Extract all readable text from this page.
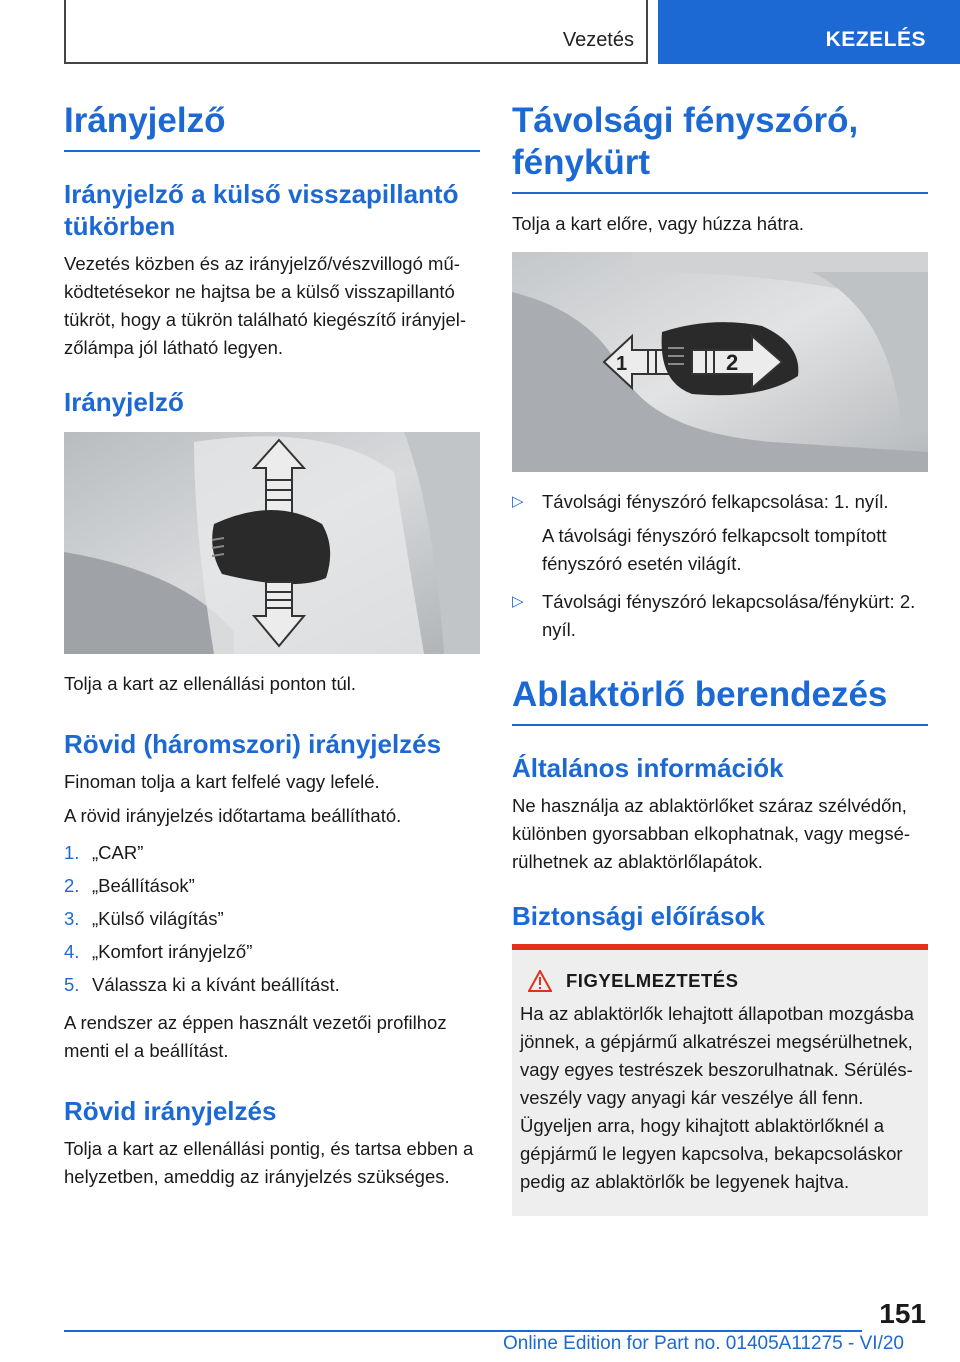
Vezetés	KEZELÉS
Irányjelző
Irányjelző a külső visszapillantó tükörben

Vezetés közben és az irányjelző/vészvillogó működtetésekor ne hajtsa be a külső visszapillantó tükröt, hogy a tükrön található kiegészítő irányjelzőlámpa jól látható legyen.

Irányjelző

Tolja a kart az ellenállási ponton túl.

Rövid (háromszori) irányjelzés

Finoman tolja a kart felfelé vagy lefelé.

A rövid irányjelzés időtartama beállítható.

1. „CAR”
2. „Beállítások”
3. „Külső világítás”
4. „Komfort irányjelző”
5. Válassza ki a kívánt beállítást.

A rendszer az éppen használt vezetői profilhoz menti el a beállítást.

Rövid irányjelzés

Tolja a kart az ellenállási pontig, és tartsa ebben a helyzetben, ameddig az irányjelzés szükséges.

Távolsági fényszóró, fénykürt

Tolja a kart előre, vagy húzza hátra.

1	2
▷ Távolsági fényszóró felkapcsolása: 1. nyíl.
A távolsági fényszóró felkapcsolt tompított fényszóró esetén világít.
▷ Távolsági fényszóró lekapcsolása/fénykürt: 2. nyíl.
Ablaktörlő berendezés
Általános információk

Ne használja az ablaktörlőket száraz szélvédőn, különben gyorsabban elkophatnak, vagy megsérülhetnek az ablaktörlőlapátok.

Biztonsági előírások
FIGYELMEZTETÉS

Ha az ablaktörlők lehajtott állapotban mozgásba jönnek, a gépjármű alkatrészei megsérülhetnek, vagy egyes testrészek beszorulhatnak. Sérülésveszély vagy anyagi kár veszélye áll fenn. Ügyeljen arra, hogy kihajtott ablaktörlőknél a gépjármű le legyen kapcsolva, bekapcsoláskor pedig az ablaktörlők be legyenek hajtva.

151
Online Edition for Part no. 01405A11275 - VI/20
